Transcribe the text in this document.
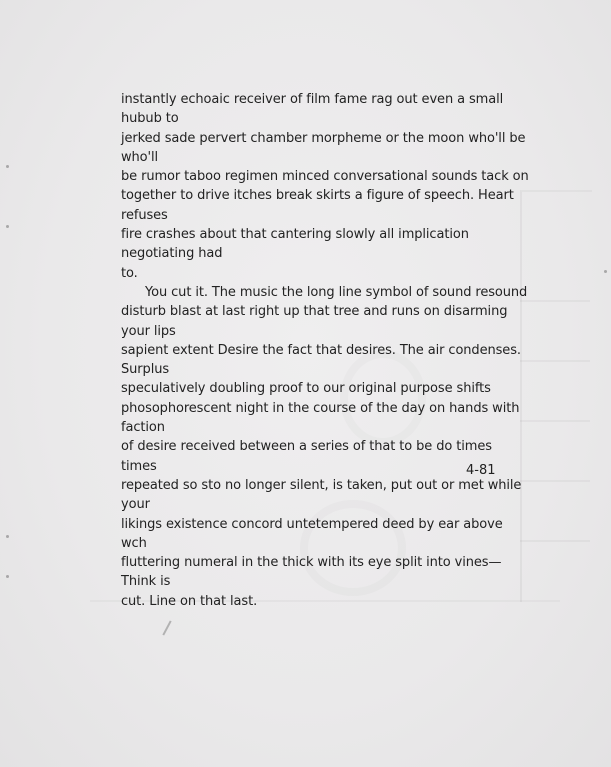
instantly echoaic receiver of film fame rag out even a small hubub to
jerked sade pervert chamber morpheme or the moon who'll be who'll
be rumor taboo regimen minced conversational sounds tack on
together to drive itches break skirts a figure of speech. Heart refuses
fire crashes about that cantering slowly all implication negotiating had
to.

You cut it. The music the long line symbol of sound resound
disturb blast at last right up that tree and runs on disarming your lips
sapient extent Desire the fact that desires. The air condenses. Surplus
speculatively doubling proof to our original purpose shifts
phosophorescent night in the course of the day on hands with faction
of desire received between a series of that to be do times times
repeated so sto no longer silent, is taken, put out or met while your
likings existence concord untetempered deed by ear above wch
fluttering numeral in the thick with its eye split into vines— Think is
cut. Line on that last.

4-81
